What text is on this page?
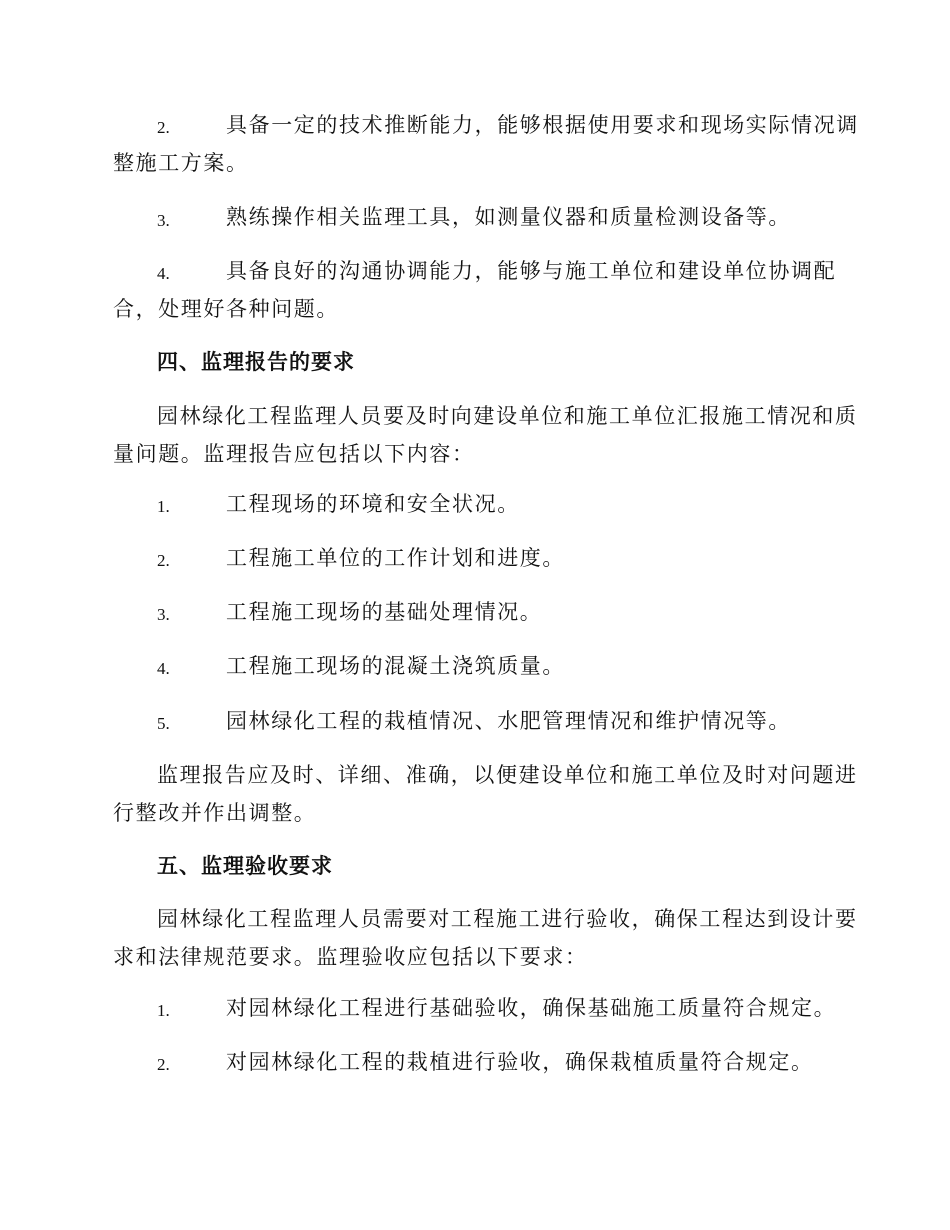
2.	具备一定的技术推断能力，能够根据使用要求和现场实际情况调
整施工方案。
3.	熟练操作相关监理工具，如测量仪器和质量检测设备等。
4.	具备良好的沟通协调能力，能够与施工单位和建设单位协调配
合，处理好各种问题。
四、监理报告的要求
园林绿化工程监理人员要及时向建设单位和施工单位汇报施工情况和质
量问题。监理报告应包括以下内容：
1.	工程现场的环境和安全状况。
2.	工程施工单位的工作计划和进度。
3.	工程施工现场的基础处理情况。
4.	工程施工现场的混凝土浇筑质量。
5.	园林绿化工程的栽植情况、水肥管理情况和维护情况等。
监理报告应及时、详细、准确，以便建设单位和施工单位及时对问题进
行整改并作出调整。
五、监理验收要求
园林绿化工程监理人员需要对工程施工进行验收，确保工程达到设计要
求和法律规范要求。监理验收应包括以下要求：
1.	对园林绿化工程进行基础验收，确保基础施工质量符合规定。
2.	对园林绿化工程的栽植进行验收，确保栽植质量符合规定。
